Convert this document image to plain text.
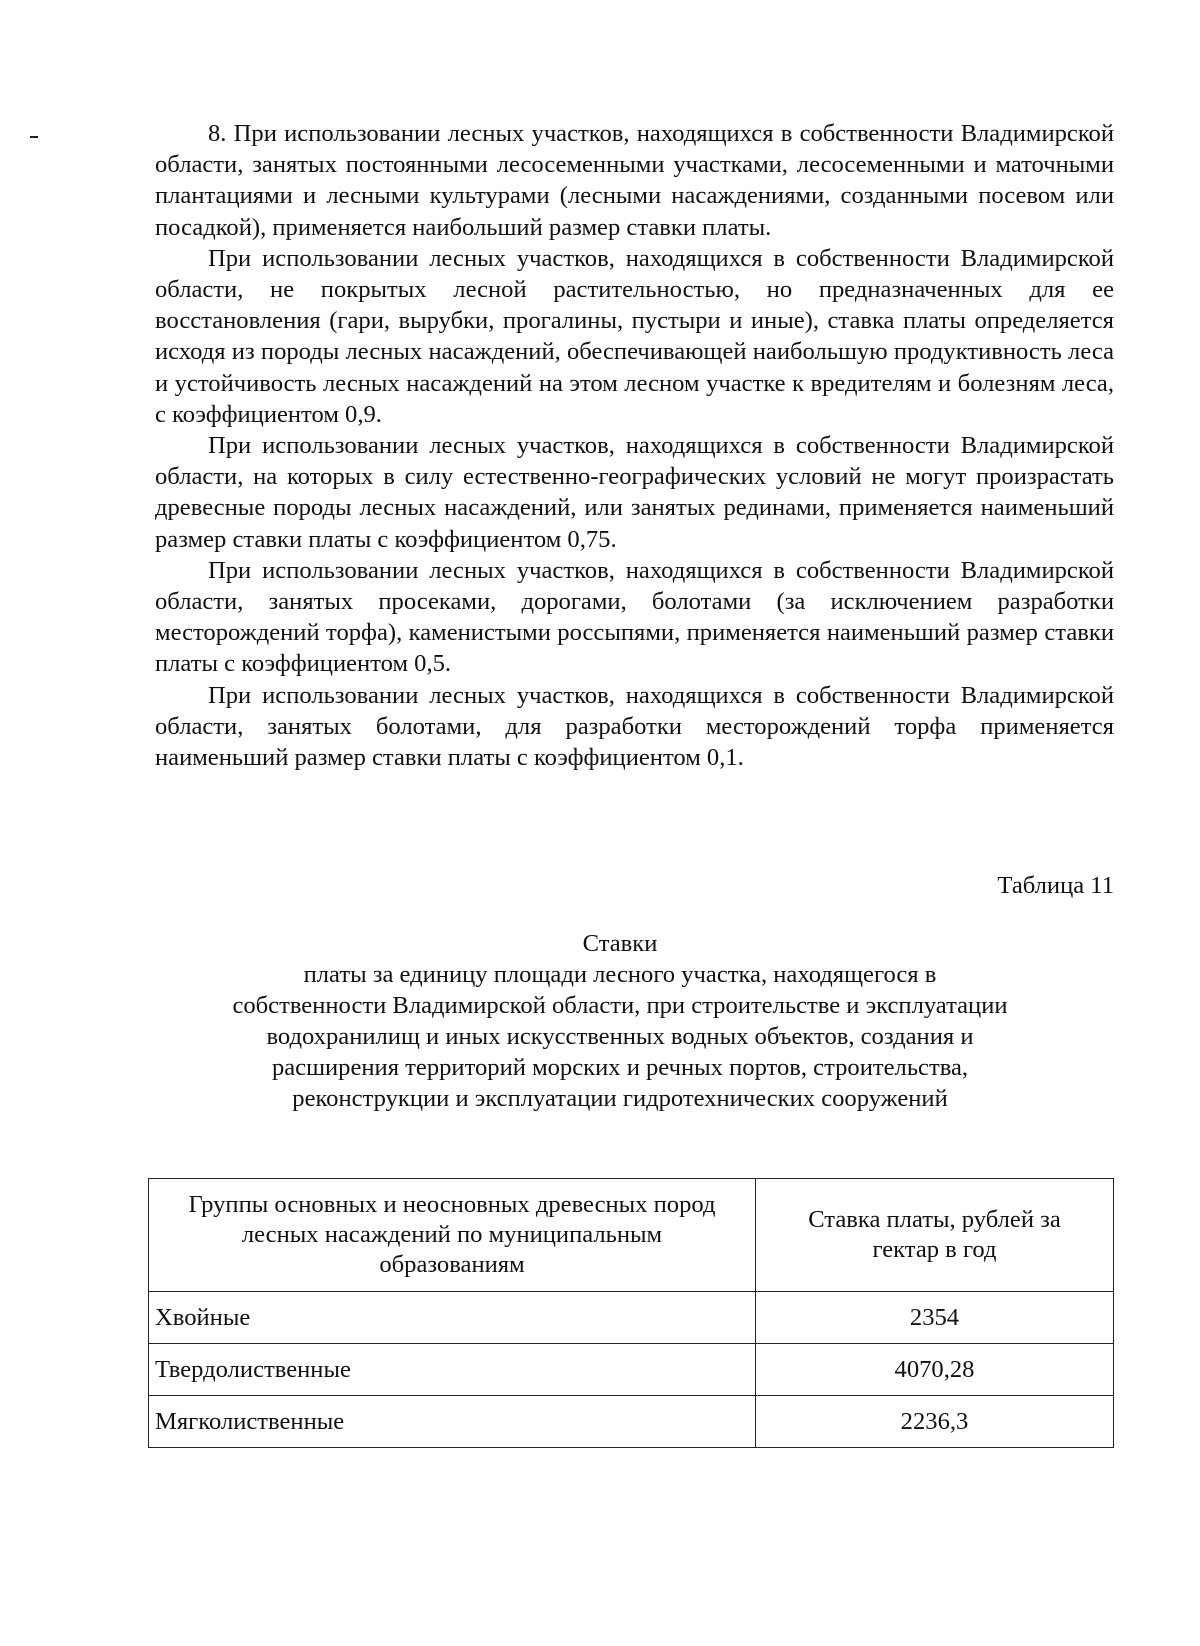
8. При использовании лесных участков, находящихся в собственности Владимирской области, занятых постоянными лесосеменными участками, лесосеменными и маточными плантациями и лесными культурами (лесными насаждениями, созданными посевом или посадкой), применяется наибольший размер ставки платы.

При использовании лесных участков, находящихся в собственности Владимирской области, не покрытых лесной растительностью, но предназначенных для ее восстановления (гари, вырубки, прогалины, пустыри и иные), ставка платы определяется исходя из породы лесных насаждений, обеспечивающей наибольшую продуктивность леса и устойчивость лесных насаждений на этом лесном участке к вредителям и болезням леса, с коэффициентом 0,9.

При использовании лесных участков, находящихся в собственности Владимирской области, на которых в силу естественно-географических условий не могут произрастать древесные породы лесных насаждений, или занятых рединами, применяется наименьший размер ставки платы с коэффициентом 0,75.

При использовании лесных участков, находящихся в собственности Владимирской области, занятых просеками, дорогами, болотами (за исключением разработки месторождений торфа), каменистыми россыпями, применяется наименьший размер ставки платы с коэффициентом 0,5.

При использовании лесных участков, находящихся в собственности Владимирской области, занятых болотами, для разработки месторождений торфа применяется наименьший размер ставки платы с коэффициентом 0,1.

Таблица 11
Ставки
платы за единицу площади лесного участка, находящегося в собственности Владимирской области, при строительстве и эксплуатации водохранилищ и иных искусственных водных объектов, создания и расширения территорий морских и речных портов, строительства, реконструкции и эксплуатации гидротехнических сооружений
Группы основных и неосновных древесных пород лесных насаждений по муниципальным образованиям	Ставка платы, рублей за гектар в год
Хвойные	2354
Твердолиственные	4070,28
Мягколиственные	2236,3
